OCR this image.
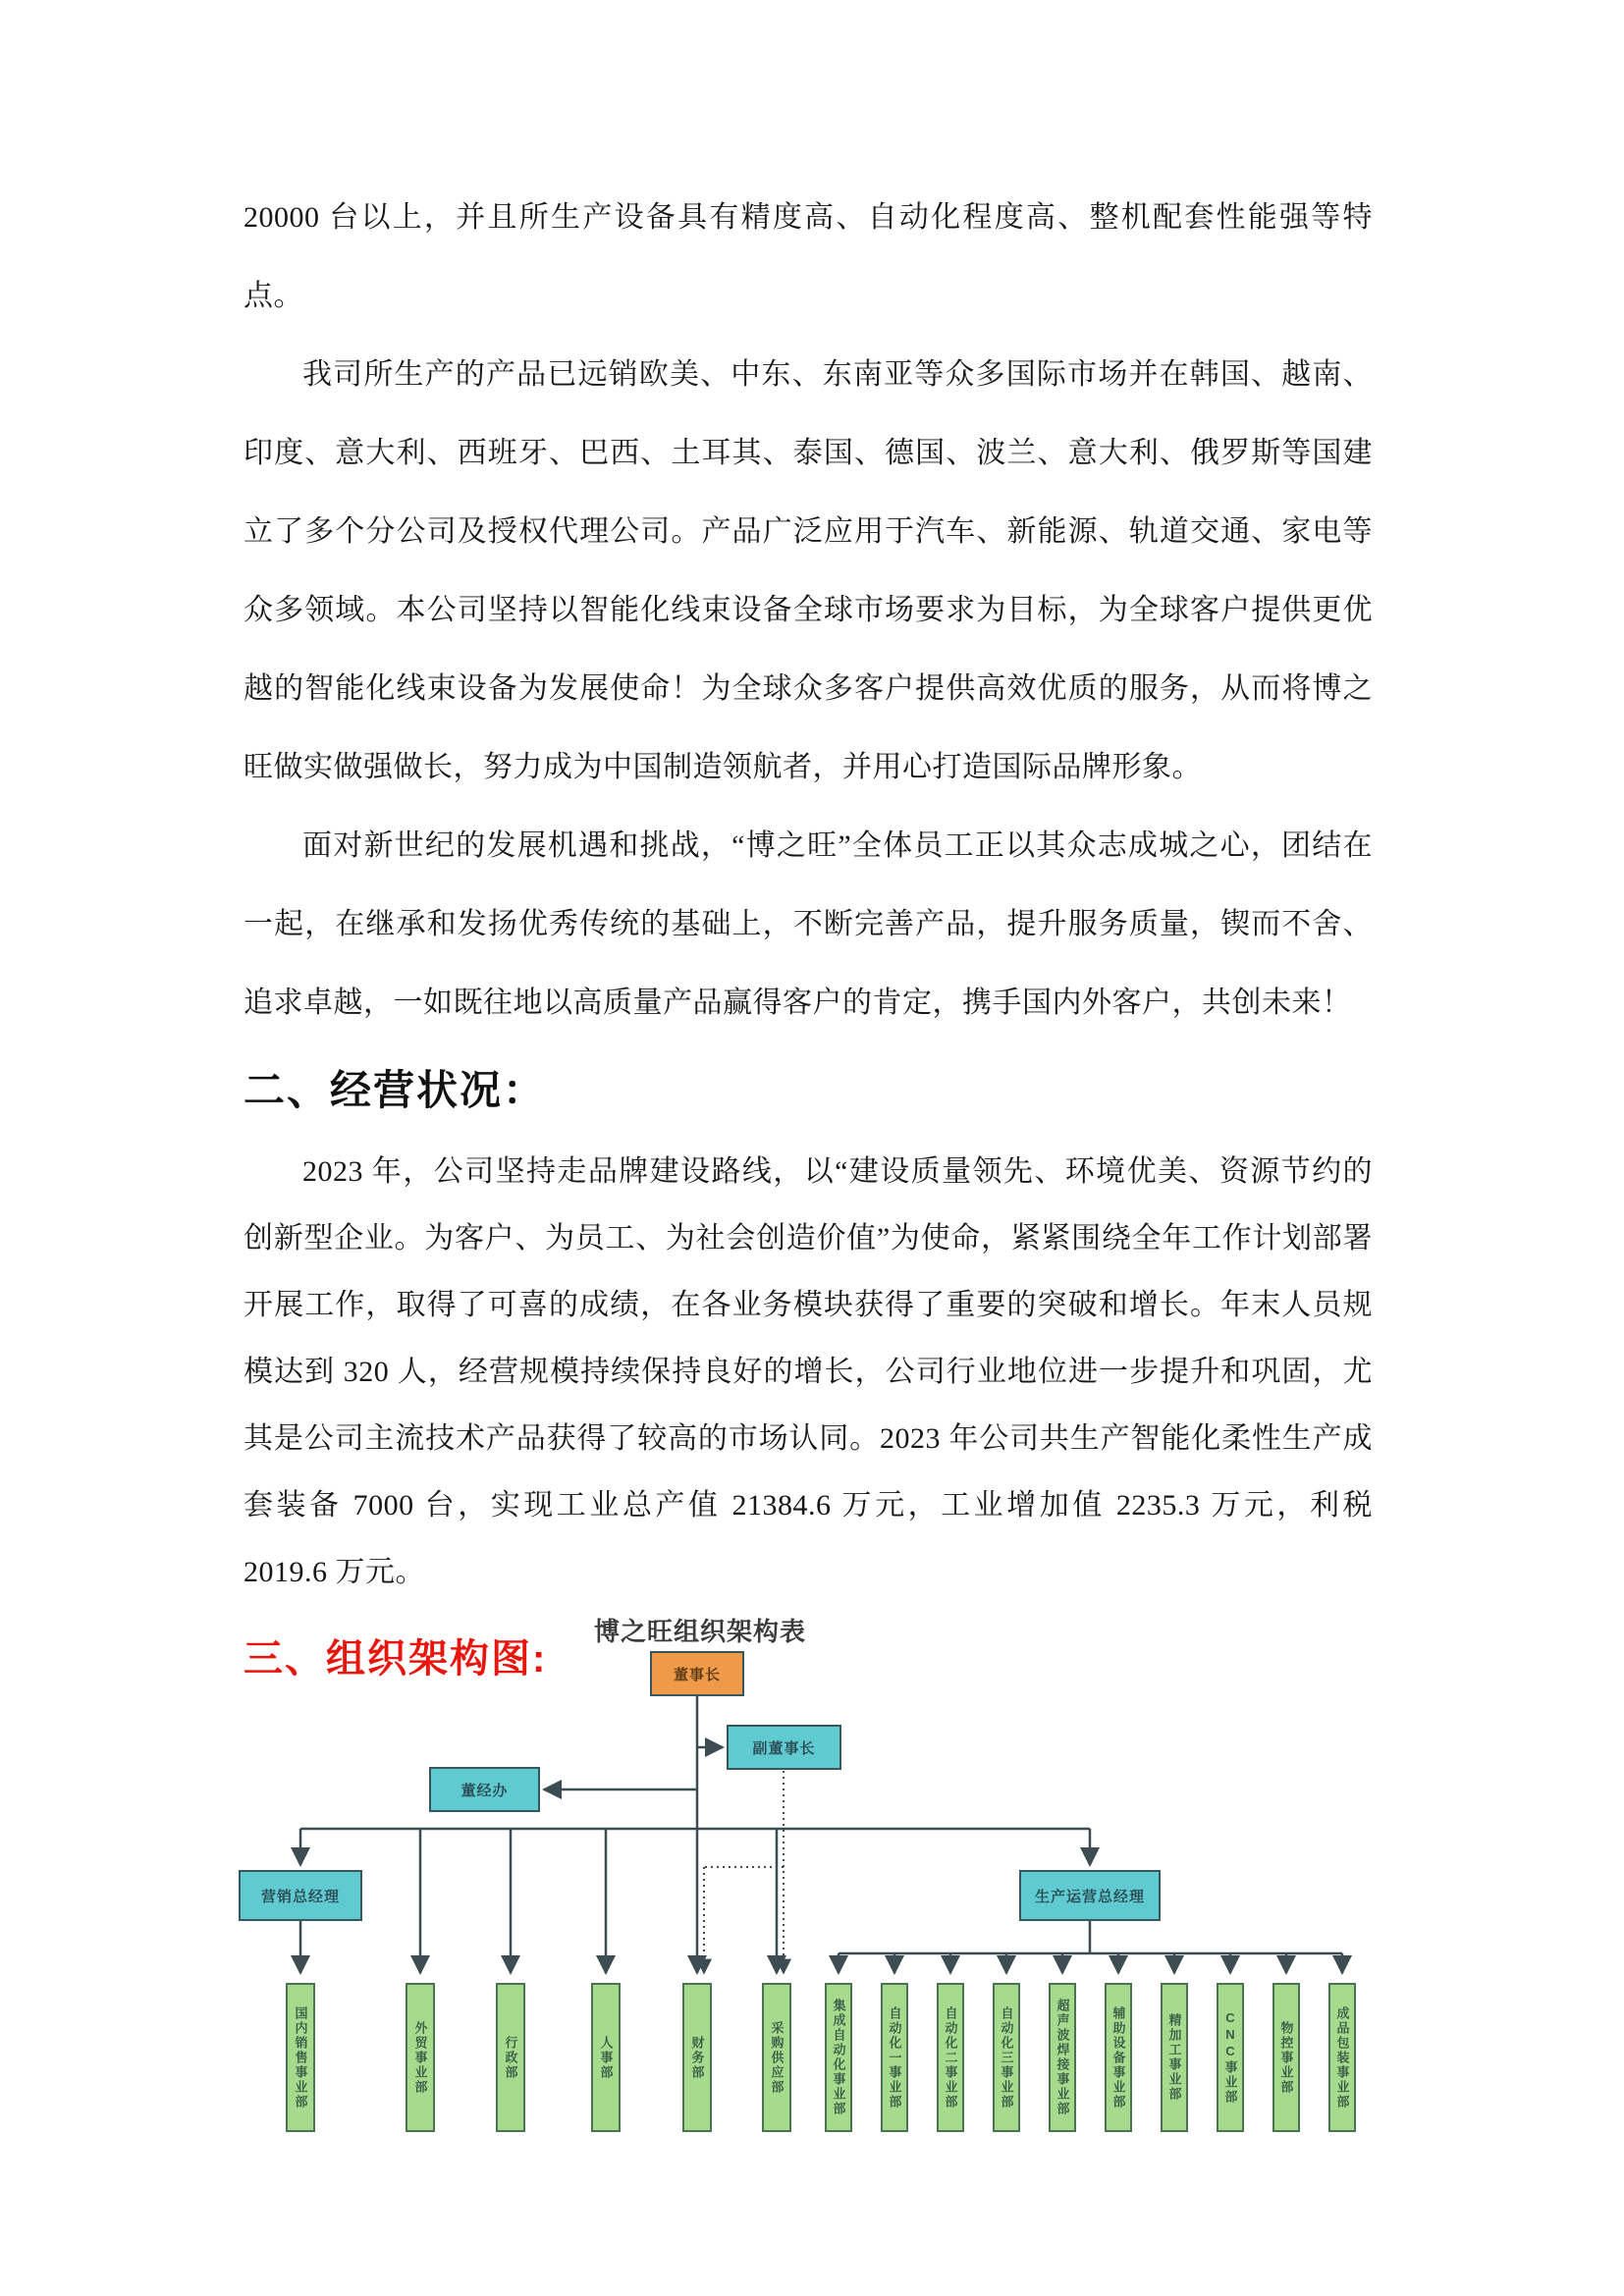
20000 台以上，并且所生产设备具有精度高、自动化程度高、整机配套性能强等特点。

我司所生产的产品已远销欧美、中东、东南亚等众多国际市场并在韩国、越南、印度、意大利、西班牙、巴西、土耳其、泰国、德国、波兰、意大利、俄罗斯等国建立了多个分公司及授权代理公司。产品广泛应用于汽车、新能源、轨道交通、家电等众多领域。本公司坚持以智能化线束设备全球市场要求为目标，为全球客户提供更优越的智能化线束设备为发展使命！为全球众多客户提供高效优质的服务，从而将博之旺做实做强做长，努力成为中国制造领航者，并用心打造国际品牌形象。

面对新世纪的发展机遇和挑战，“博之旺”全体员工正以其众志成城之心，团结在一起，在继承和发扬优秀传统的基础上，不断完善产品，提升服务质量，锲而不舍、追求卓越，一如既往地以高质量产品赢得客户的肯定，携手国内外客户，共创未来！

二、经营状况：

2023 年，公司坚持走品牌建设路线，以“建设质量领先、环境优美、资源节约的创新型企业。为客户、为员工、为社会创造价值”为使命，紧紧围绕全年工作计划部署开展工作，取得了可喜的成绩，在各业务模块获得了重要的突破和增长。年末人员规模达到 320 人，经营规模持续保持良好的增长，公司行业地位进一步提升和巩固，尤其是公司主流技术产品获得了较高的市场认同。2023 年公司共生产智能化柔性生产成套装备 7000 台，实现工业总产值 21384.6 万元，工业增加值 2235.3 万元，利税 2019.6 万元。

三、组织架构图:
博之旺组织架构表
董事长
副董事长
董经办
营销总经理	生产运营总经理
国内销售事业部	外贸事业部	行政部	人事部	财务部	采购供应部	集成自动化事业部	自动化一事业部	自动化二事业部	自动化三事业部	超声波焊接事业部	辅助设备事业部	精加工事业部	CNC事业部	物控事业部	成品包装事业部
